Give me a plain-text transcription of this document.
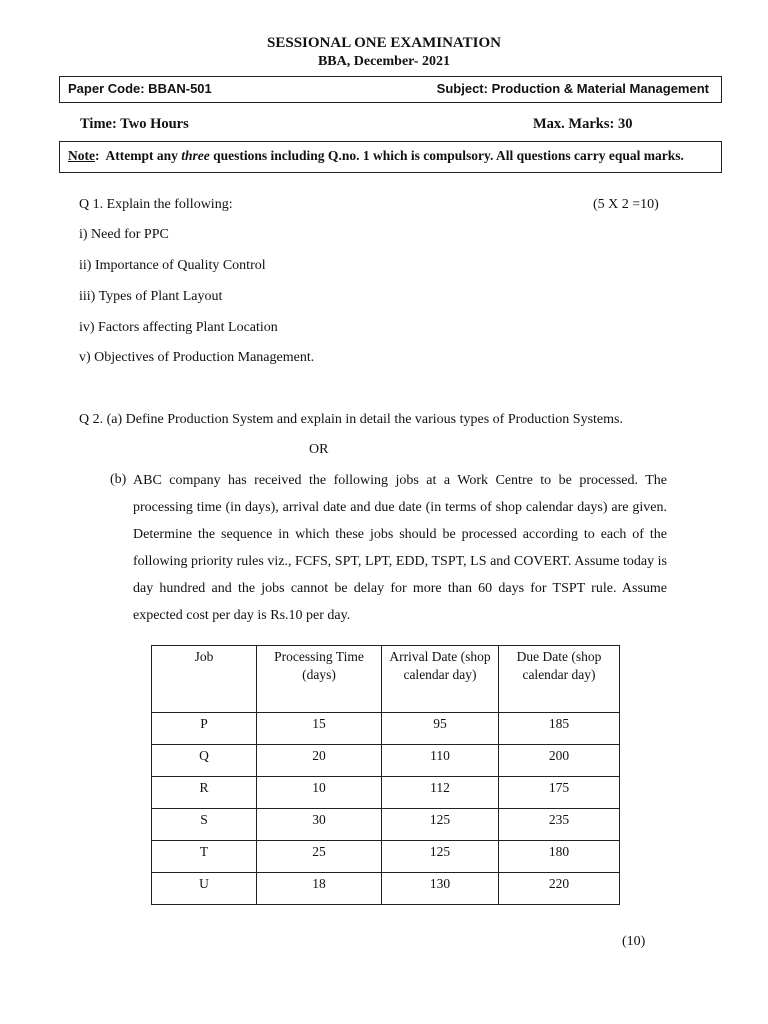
SESSIONAL ONE EXAMINATION
BBA, December- 2021
Paper Code: BBAN-501	Subject: Production & Material Management
Time: Two Hours	Max. Marks: 30
Note:  Attempt any three questions including Q.no. 1 which is compulsory. All questions carry equal marks.
Q 1. Explain the following:	(5 X 2 =10)
i) Need for PPC
ii) Importance of Quality Control
iii) Types of Plant Layout
iv) Factors affecting Plant Location
v) Objectives of Production Management.
Q 2. (a) Define Production System and explain in detail the various types of Production Systems.
OR
(b) ABC company has received the following jobs at a Work Centre to be processed. The processing time (in days), arrival date and due date (in terms of shop calendar days) are given. Determine the sequence in which these jobs should be processed according to each of the following priority rules viz., FCFS, SPT, LPT, EDD, TSPT, LS and COVERT. Assume today is day hundred and the jobs cannot be delay for more than 60 days for TSPT rule. Assume expected cost per day is Rs.10 per day.
Job	Processing Time (days)	Arrival Date (shop calendar day)	Due Date (shop calendar day)
P	15	95	185
Q	20	110	200
R	10	112	175
S	30	125	235
T	25	125	180
U	18	130	220
(10)
